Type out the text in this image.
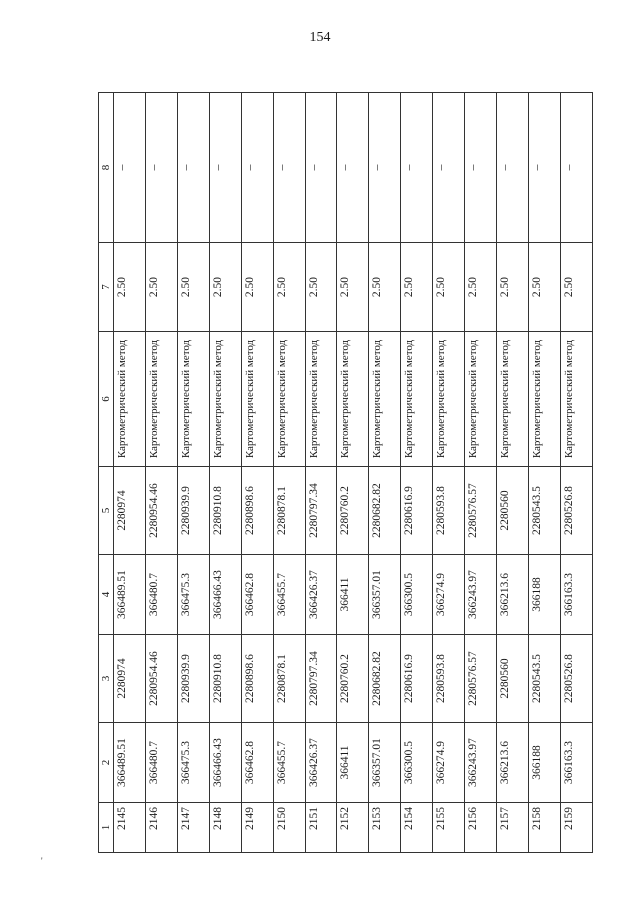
154
1	2	3	4	5	6	7	8
2145	366489.51	2280974	366489.51	2280974	Картометрический метод	2.50	–
2146	366480.7	2280954.46	366480.7	2280954.46	Картометрический метод	2.50	–
2147	366475.3	2280939.9	366475.3	2280939.9	Картометрический метод	2.50	–
2148	366466.43	2280910.8	366466.43	2280910.8	Картометрический метод	2.50	–
2149	366462.8	2280898.6	366462.8	2280898.6	Картометрический метод	2.50	–
2150	366455.7	2280878.1	366455.7	2280878.1	Картометрический метод	2.50	–
2151	366426.37	2280797.34	366426.37	2280797.34	Картометрический метод	2.50	–
2152	366411	2280760.2	366411	2280760.2	Картометрический метод	2.50	–
2153	366357.01	2280682.82	366357.01	2280682.82	Картометрический метод	2.50	–
2154	366300.5	2280616.9	366300.5	2280616.9	Картометрический метод	2.50	–
2155	366274.9	2280593.8	366274.9	2280593.8	Картометрический метод	2.50	–
2156	366243.97	2280576.57	366243.97	2280576.57	Картометрический метод	2.50	–
2157	366213.6	2280560	366213.6	2280560	Картометрический метод	2.50	–
2158	366188	2280543.5	366188	2280543.5	Картометрический метод	2.50	–
2159	366163.3	2280526.8	366163.3	2280526.8	Картометрический метод	2.50	–
'
